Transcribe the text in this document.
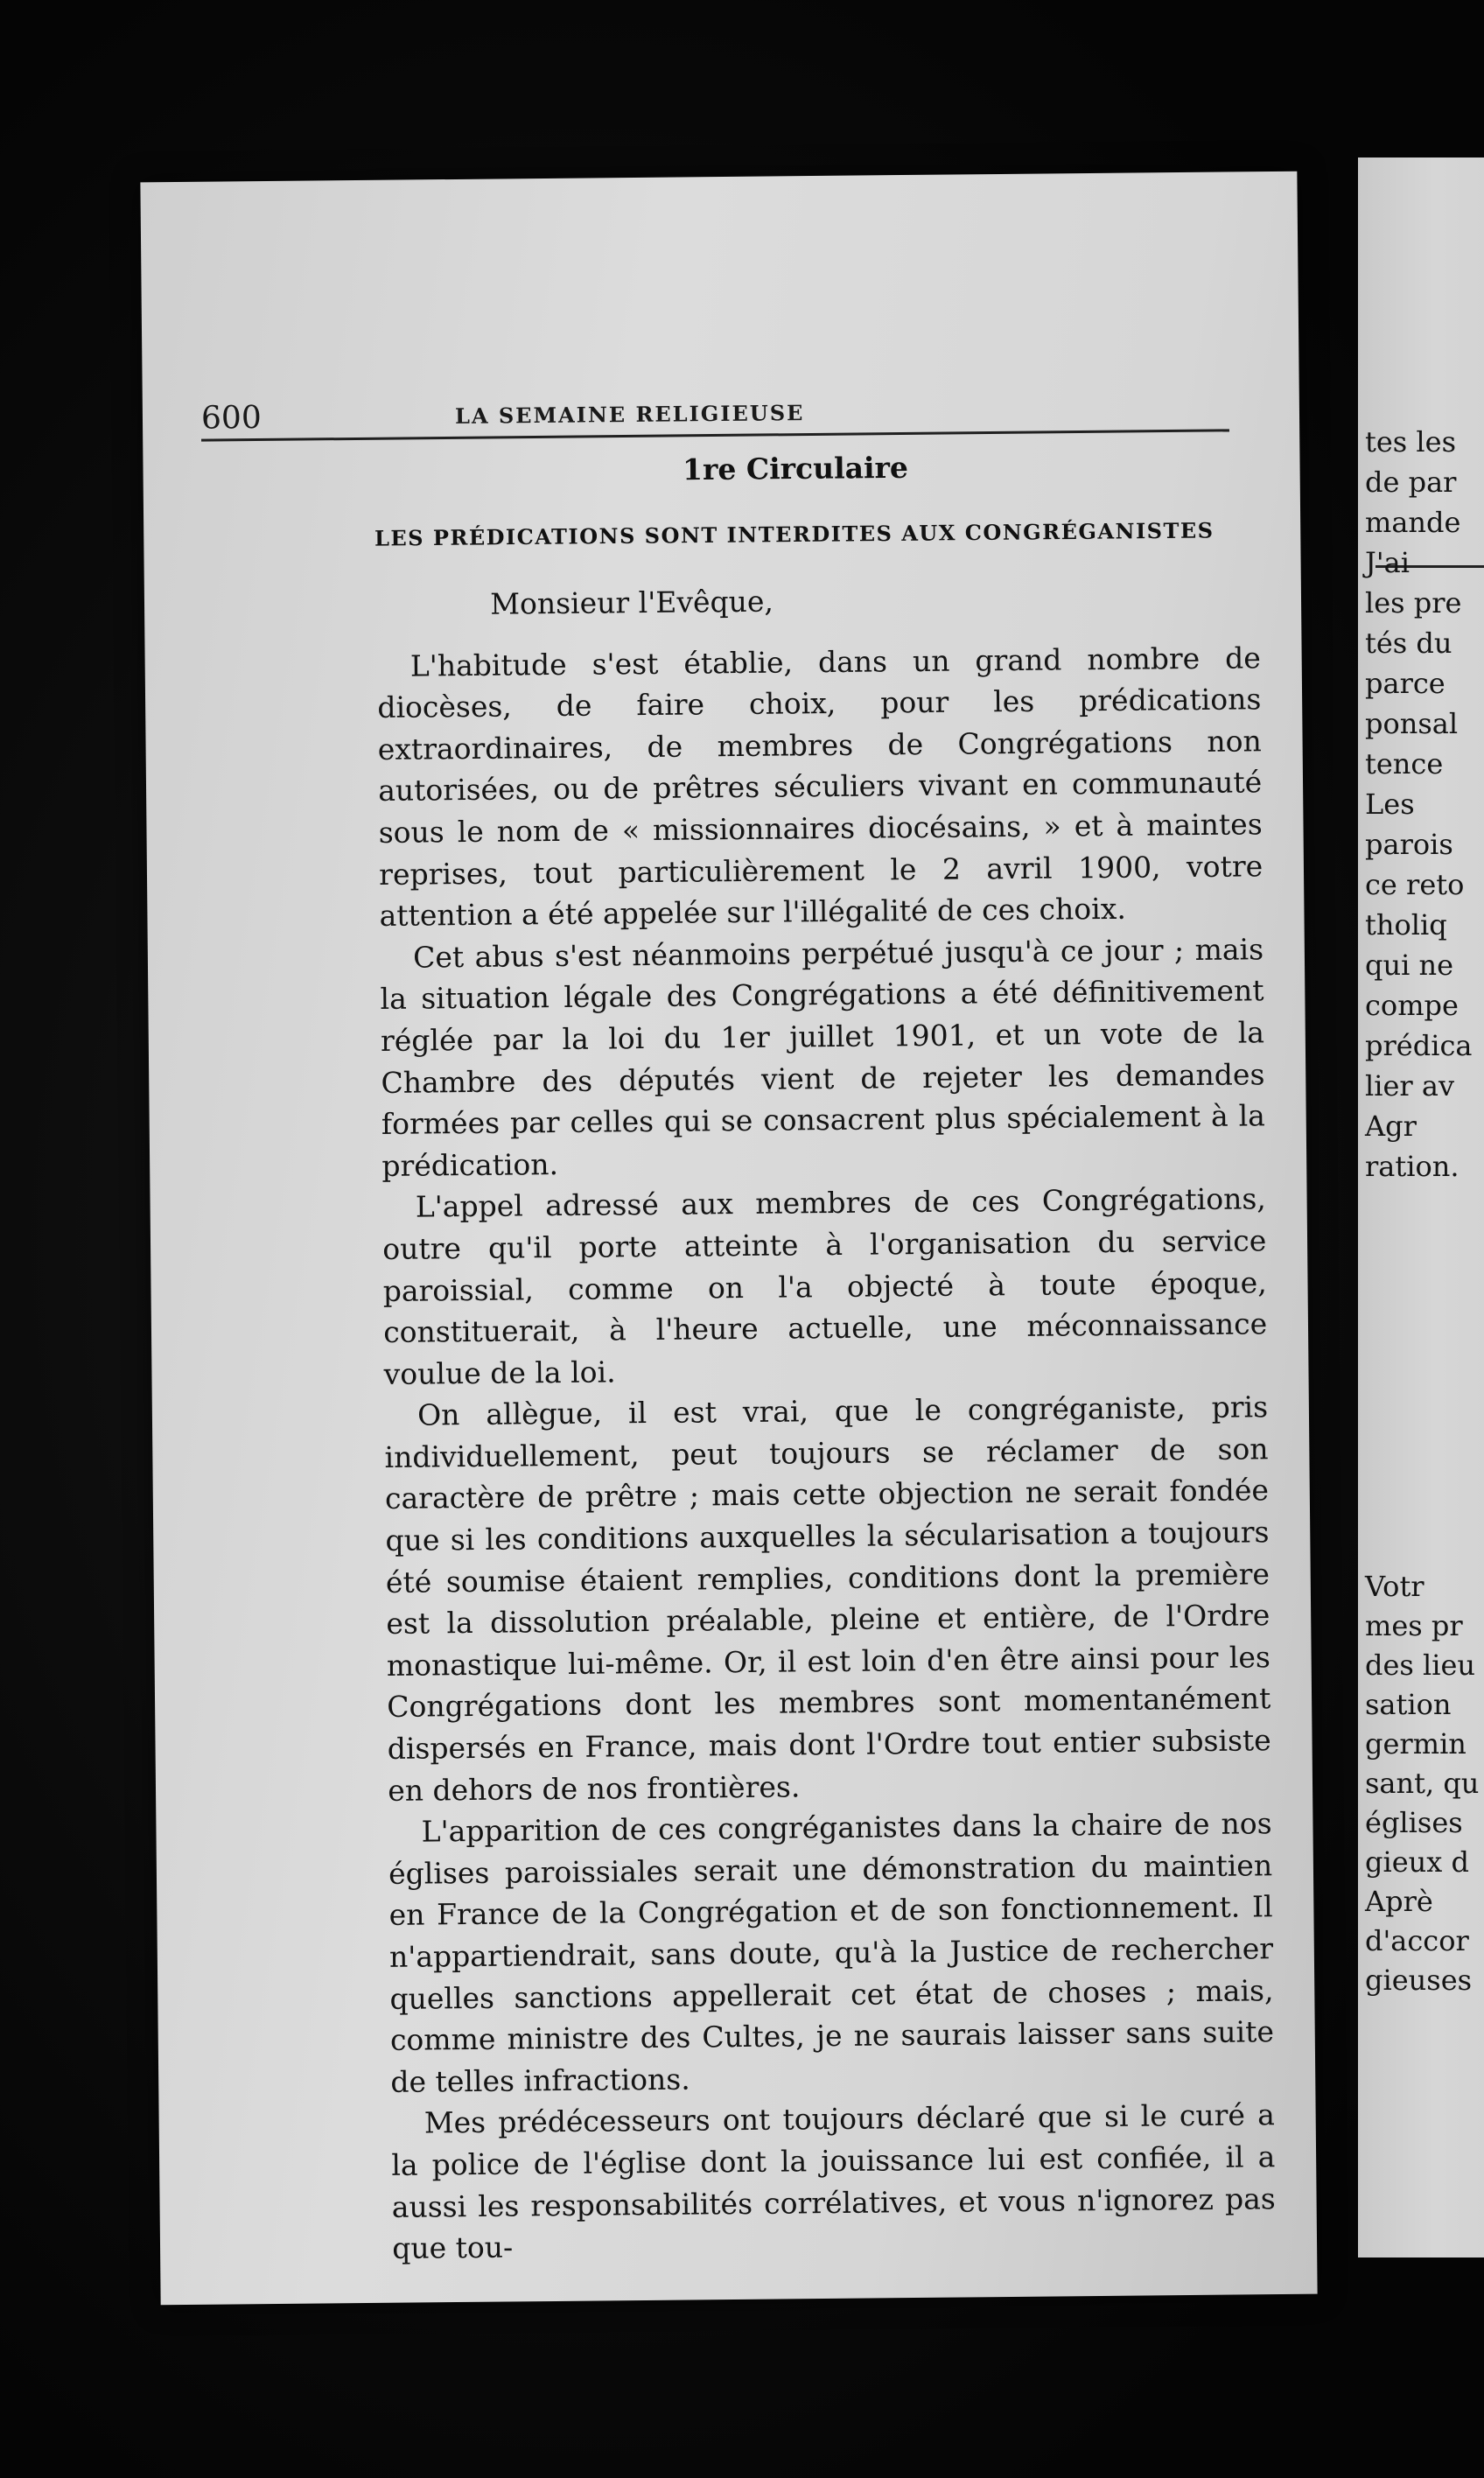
tes les
de par
mande
J'ai
les pre
tés du
parce
ponsal
tence
Les
parois
ce reto
tholiq
qui ne
compe
prédica
lier av
Agr
ration.
Votr
mes pr
des lieu
sation
germin
sant, qu
églises
gieux d
Aprè
d'accor
gieuses
600	LA SEMAINE RELIGIEUSE
1re Circulaire
LES PRÉDICATIONS SONT INTERDITES AUX CONGRÉGANISTES
Monsieur l'Evêque,

L'habitude s'est établie, dans un grand nombre de diocèses, de faire choix, pour les prédications extraordinaires, de membres de Congrégations non autorisées, ou de prêtres séculiers vivant en communauté sous le nom de « missionnaires diocésains, » et à maintes reprises, tout particulièrement le 2 avril 1900, votre attention a été appelée sur l'illégalité de ces choix.

Cet abus s'est néanmoins perpétué jusqu'à ce jour ; mais la situation légale des Congrégations a été définitivement réglée par la loi du 1er juillet 1901, et un vote de la Chambre des députés vient de rejeter les demandes formées par celles qui se consacrent plus spécialement à la prédication.

L'appel adressé aux membres de ces Congrégations, outre qu'il porte atteinte à l'organisation du service paroissial, comme on l'a objecté à toute époque, constituerait, à l'heure actuelle, une méconnaissance voulue de la loi.

On allègue, il est vrai, que le congréganiste, pris individuellement, peut toujours se réclamer de son caractère de prêtre ; mais cette objection ne serait fondée que si les conditions auxquelles la sécularisation a toujours été soumise étaient remplies, conditions dont la première est la dissolution préalable, pleine et entière, de l'Ordre monastique lui-même. Or, il est loin d'en être ainsi pour les Congrégations dont les membres sont momentanément dispersés en France, mais dont l'Ordre tout entier subsiste en dehors de nos frontières.

L'apparition de ces congréganistes dans la chaire de nos églises paroissiales serait une démonstration du maintien en France de la Congrégation et de son fonctionnement. Il n'appartiendrait, sans doute, qu'à la Justice de rechercher quelles sanctions appellerait cet état de choses ; mais, comme ministre des Cultes, je ne saurais laisser sans suite de telles infractions.

Mes prédécesseurs ont toujours déclaré que si le curé a la police de l'église dont la jouissance lui est confiée, il a aussi les responsabilités corrélatives, et vous n'ignorez pas que tou-
